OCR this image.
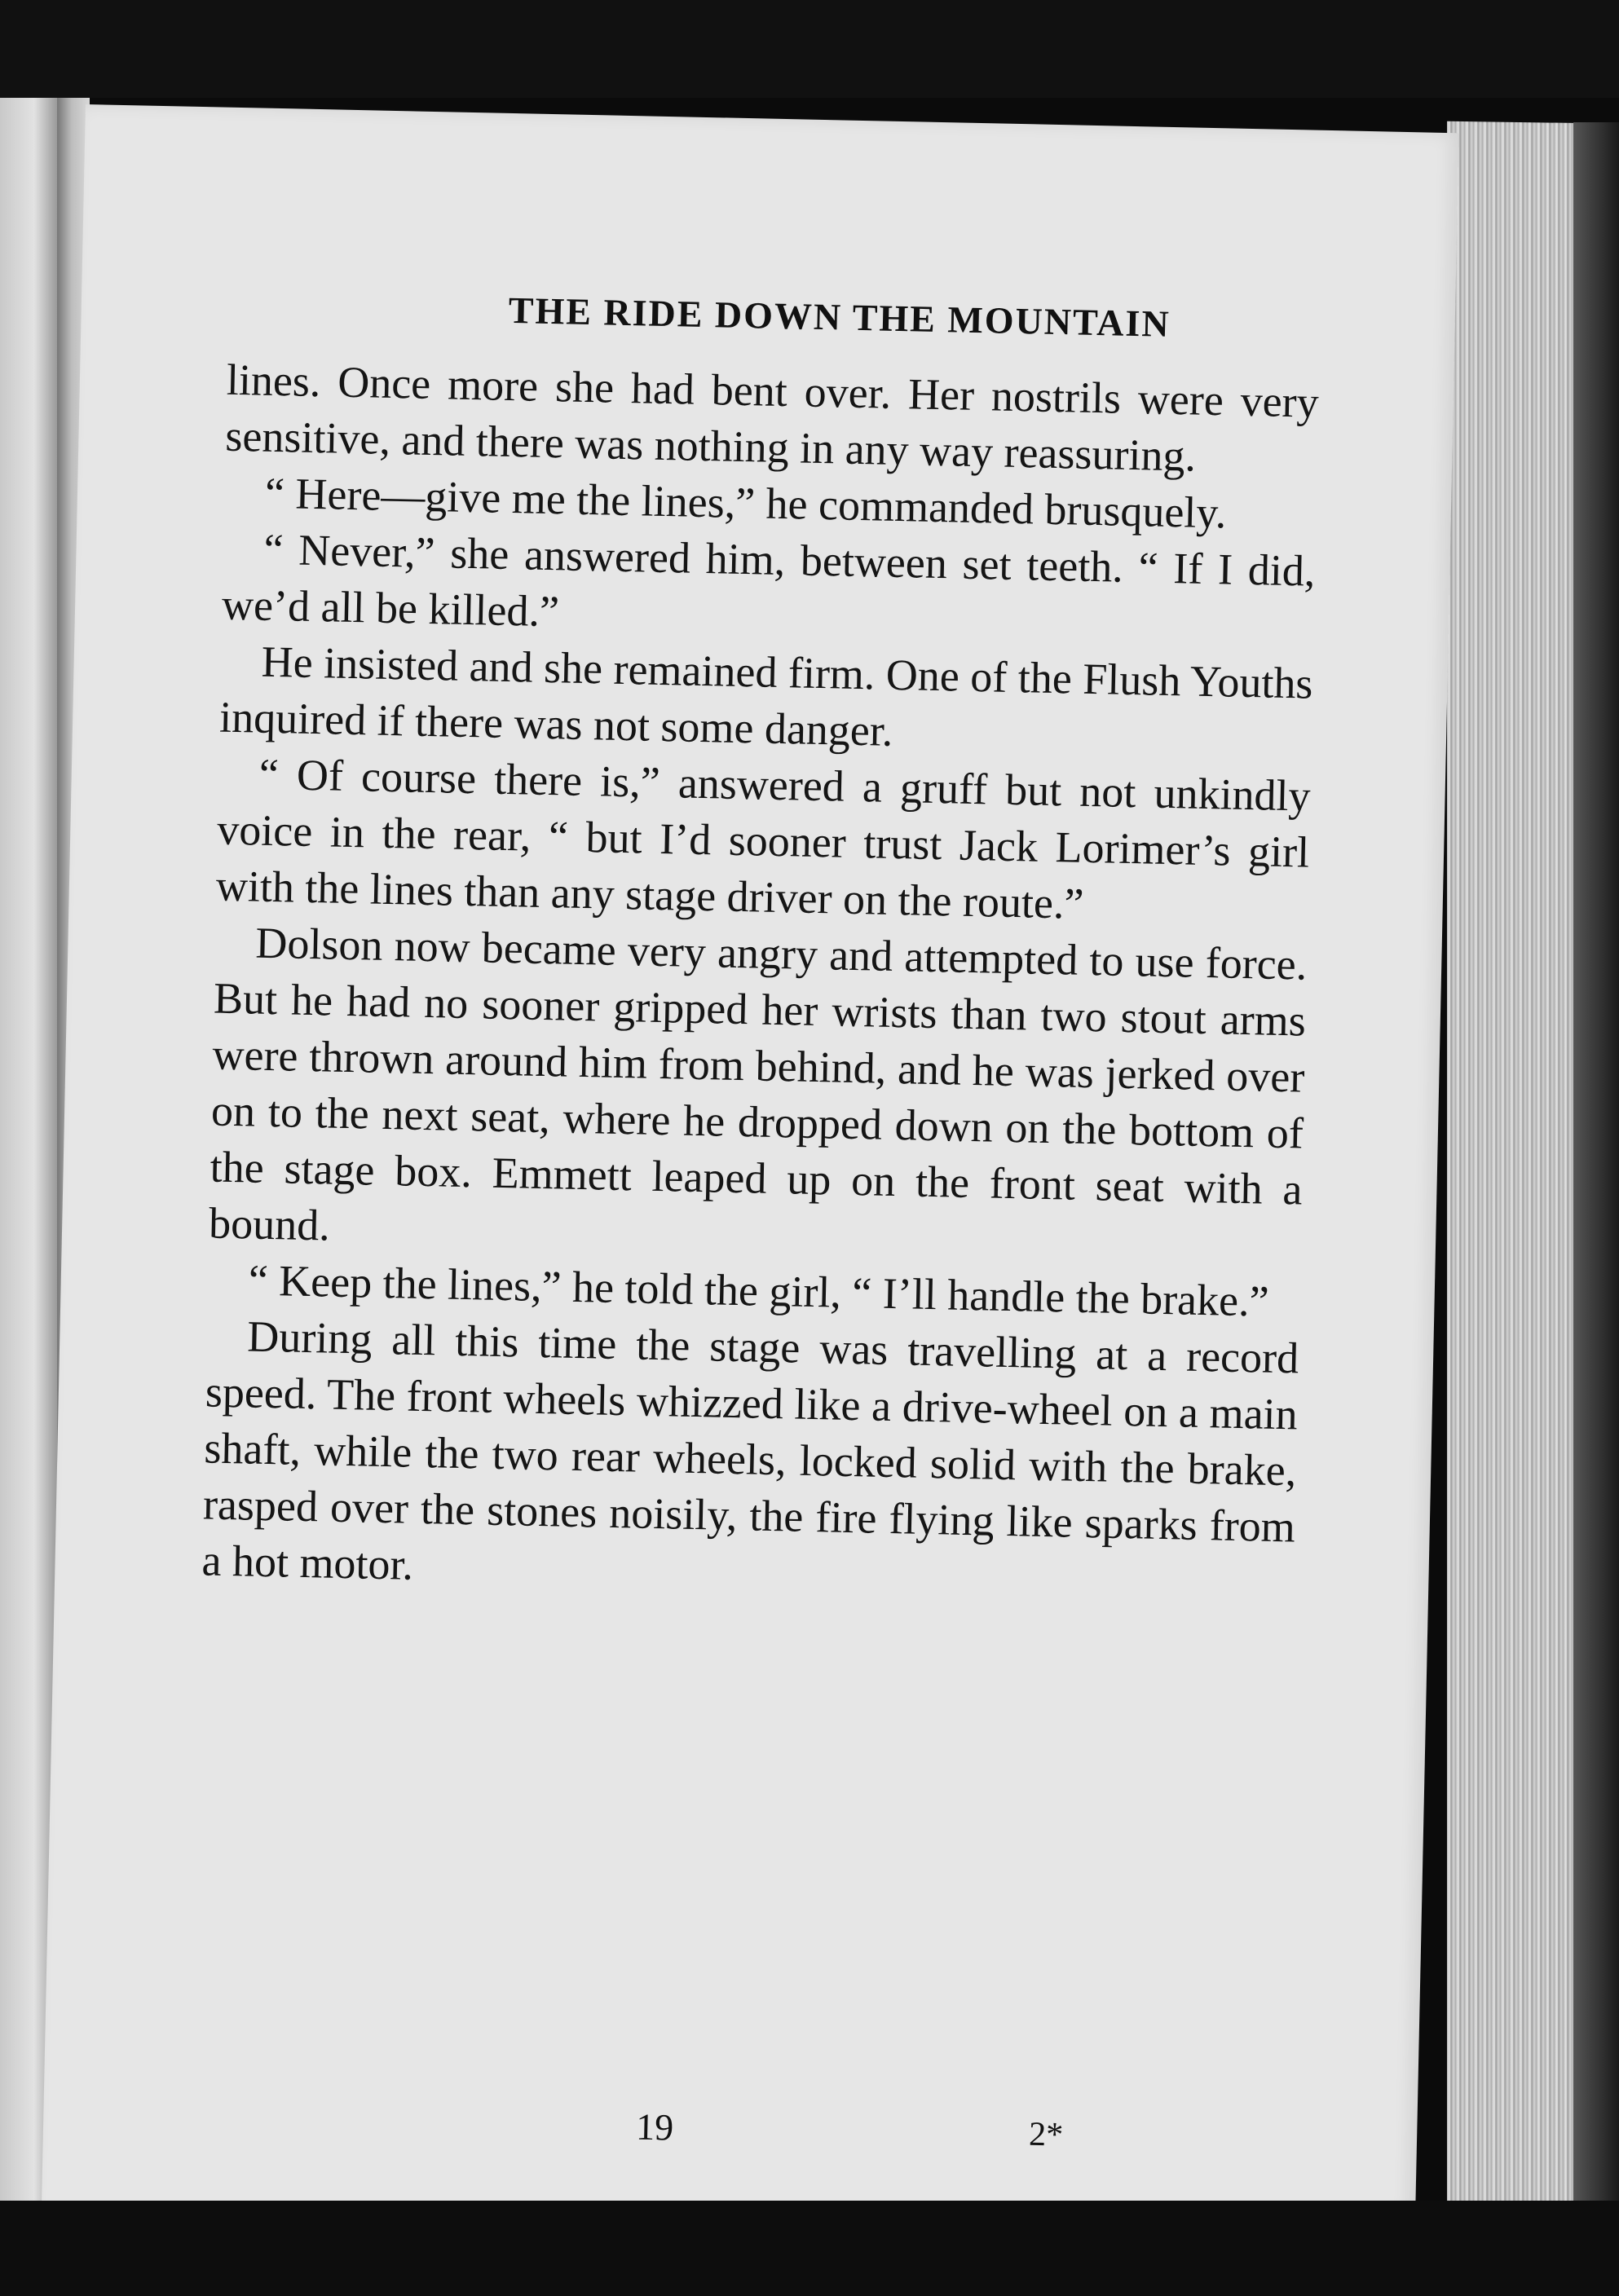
THE RIDE DOWN THE MOUNTAIN

lines. Once more she had bent over. Her nostrils were very sensitive, and there was nothing in any way reassuring.

“ Here—give me the lines,” he commanded brusquely.

“ Never,” she answered him, between set teeth. “ If I did, we’d all be killed.”

He insisted and she remained firm. One of the Flush Youths inquired if there was not some danger.

“ Of course there is,” answered a gruff but not unkindly voice in the rear, “ but I’d sooner trust Jack Lorimer’s girl with the lines than any stage driver on the route.”

Dolson now became very angry and attempted to use force. But he had no sooner gripped her wrists than two stout arms were thrown around him from behind, and he was jerked over on to the next seat, where he dropped down on the bottom of the stage box. Emmett leaped up on the front seat with a bound.

“ Keep the lines,” he told the girl, “ I’ll handle the brake.”

During all this time the stage was travelling at a record speed. The front wheels whizzed like a drive-wheel on a main shaft, while the two rear wheels, locked solid with the brake, rasped over the stones noisily, the fire flying like sparks from a hot motor.

19	2*
